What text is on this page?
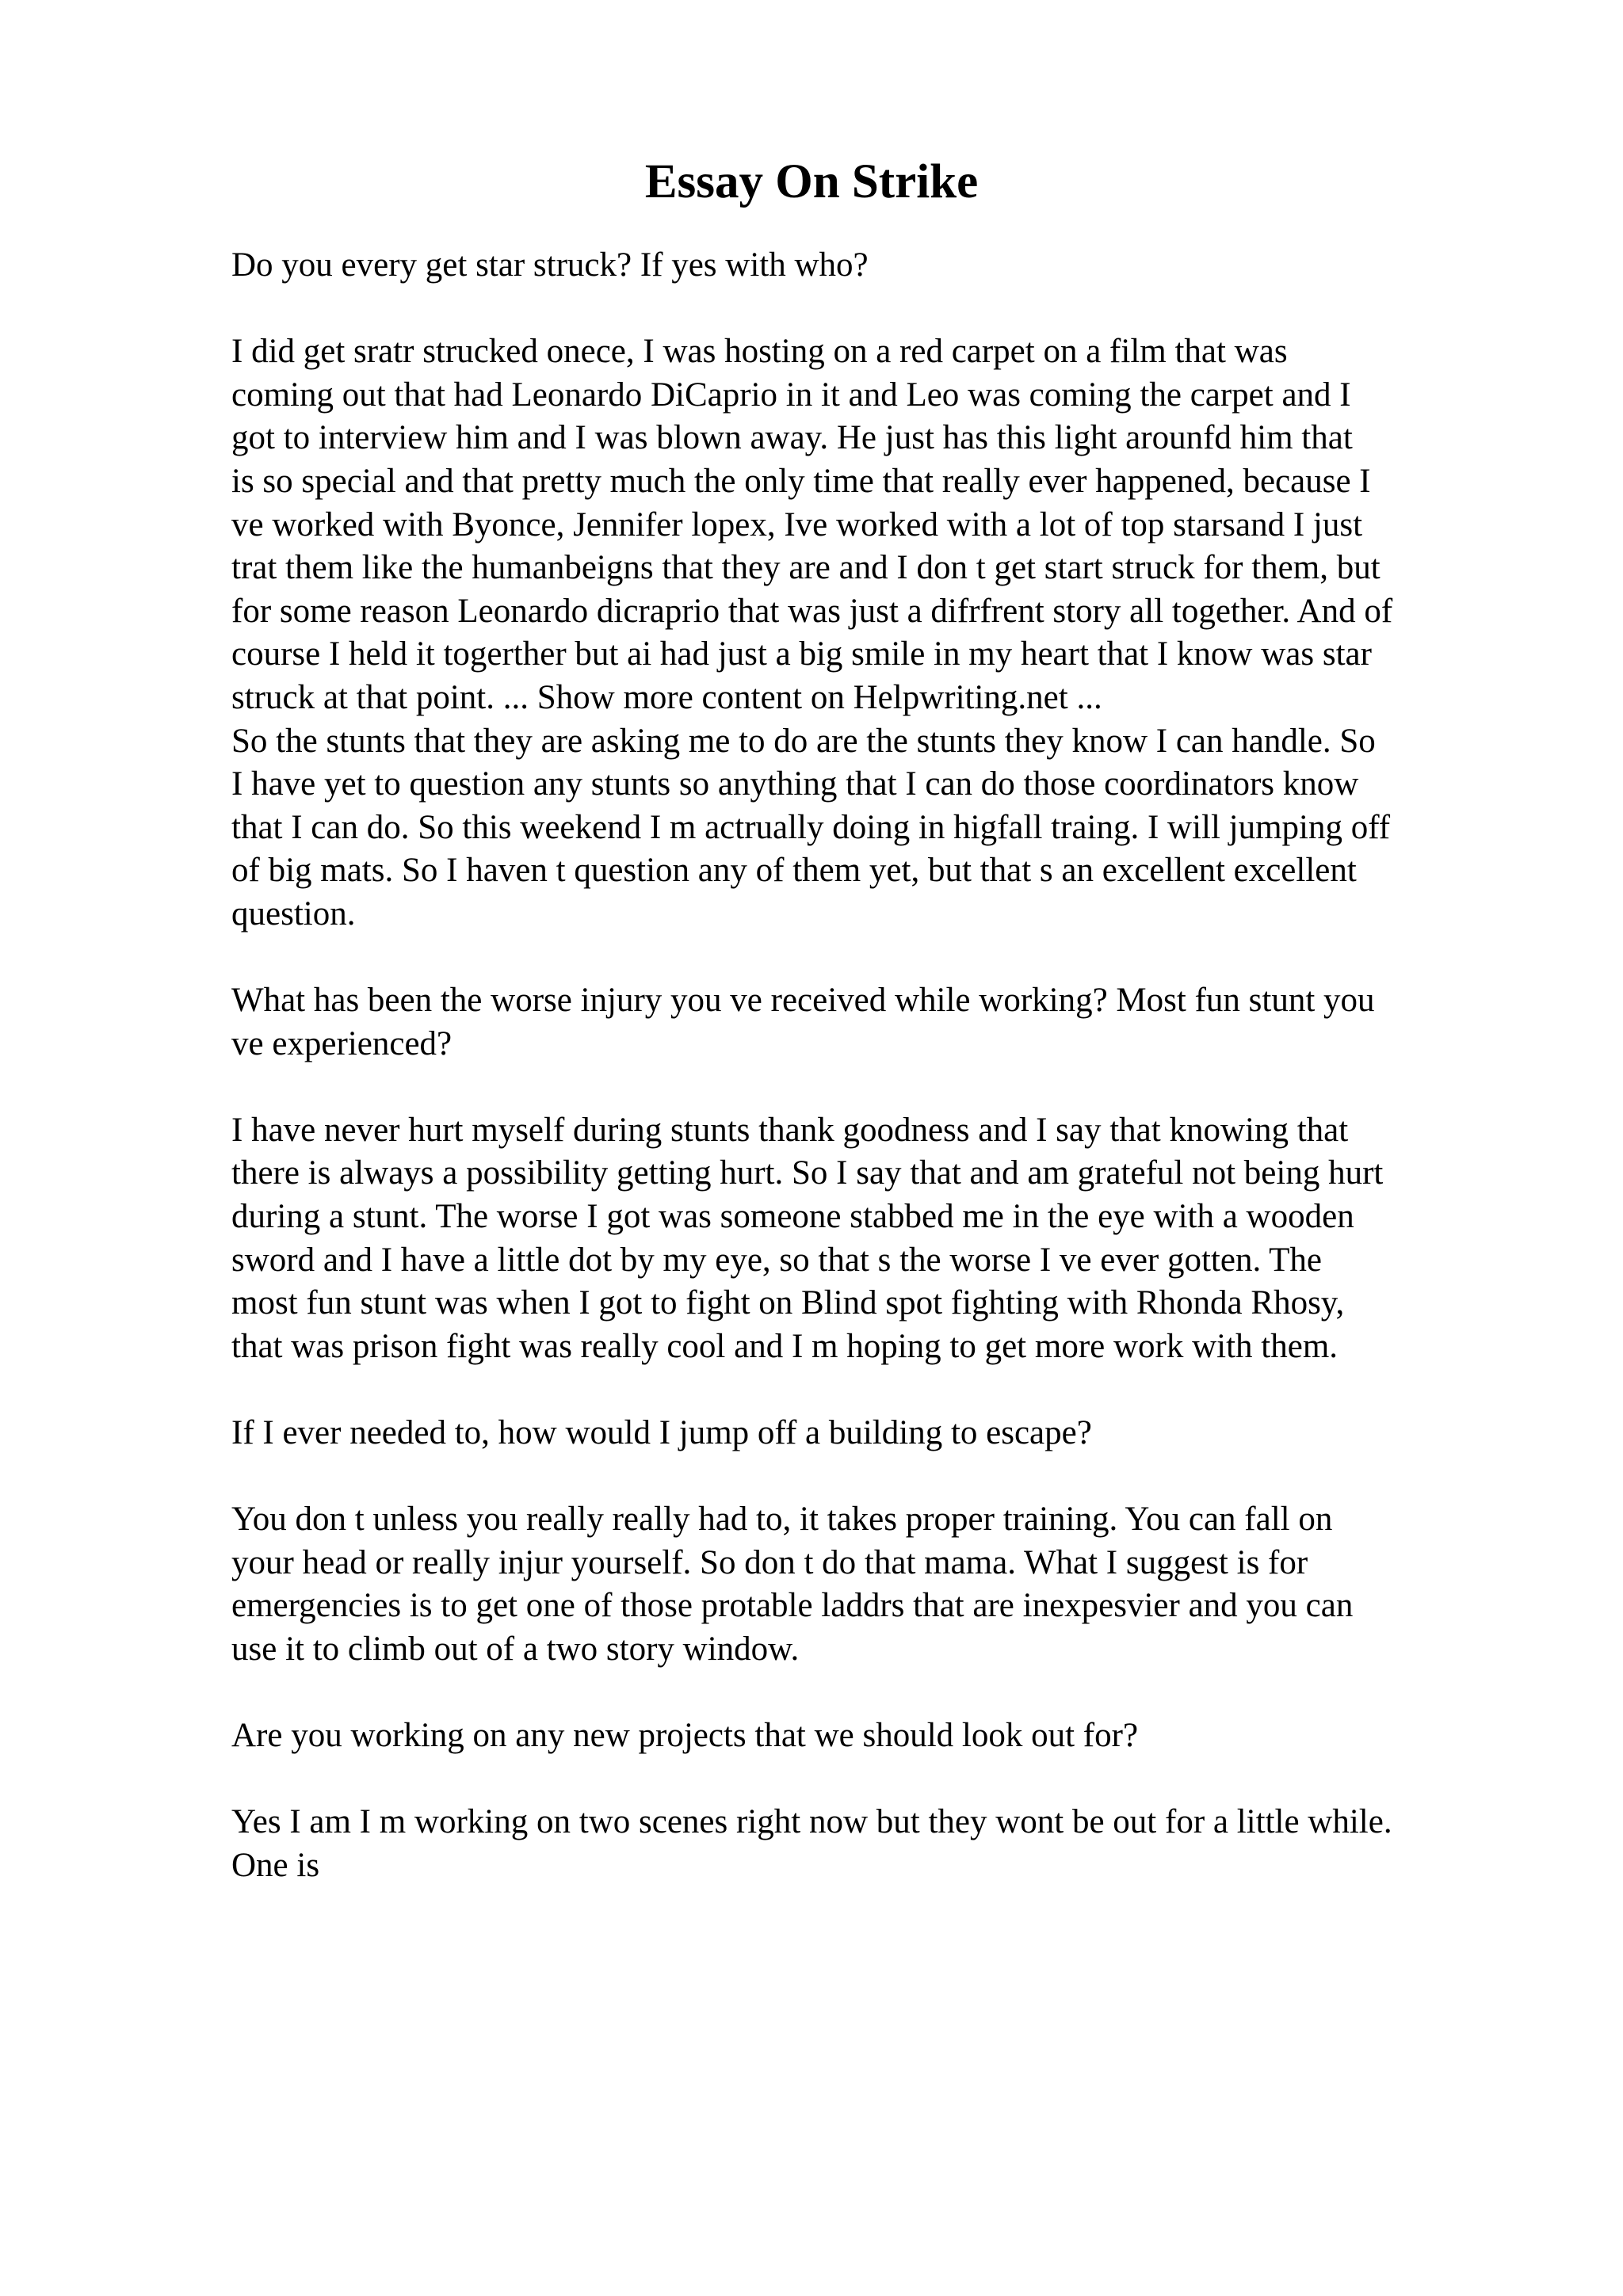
Essay On Strike

Do you every get star struck? If yes with who?

I did get sratr strucked onece, I was hosting on a red carpet on a film that was
coming out that had Leonardo DiCaprio in it and Leo was coming the carpet and I
got to interview him and I was blown away. He just has this light arounfd him that
is so special and that pretty much the only time that really ever happened, because I
ve worked with Byonce, Jennifer lopex, Ive worked with a lot of top starsand I just
trat them like the humanbeigns that they are and I don t get start struck for them, but
for some reason Leonardo dicraprio that was just a difrfrent story all together. And of
course I held it togerther but ai had just a big smile in my heart that I know was star
struck at that point. ... Show more content on Helpwriting.net ...

So the stunts that they are asking me to do are the stunts they know I can handle. So
I have yet to question any stunts so anything that I can do those coordinators know
that I can do. So this weekend I m actrually doing in higfall traing. I will jumping off
of big mats. So I haven t question any of them yet, but that s an excellent excellent
question.

What has been the worse injury you ve received while working? Most fun stunt you
ve experienced?

I have never hurt myself during stunts thank goodness and I say that knowing that
there is always a possibility getting hurt. So I say that and am grateful not being hurt
during a stunt. The worse I got was someone stabbed me in the eye with a wooden
sword and I have a little dot by my eye, so that s the worse I ve ever gotten. The
most fun stunt was when I got to fight on Blind spot fighting with Rhonda Rhosy,
that was prison fight was really cool and I m hoping to get more work with them.

If I ever needed to, how would I jump off a building to escape?

You don t unless you really really had to, it takes proper training. You can fall on
your head or really injur yourself. So don t do that mama. What I suggest is for
emergencies is to get one of those protable laddrs that are inexpesvier and you can
use it to climb out of a two story window.

Are you working on any new projects that we should look out for?

Yes I am I m working on two scenes right now but they wont be out for a little while.
One is
